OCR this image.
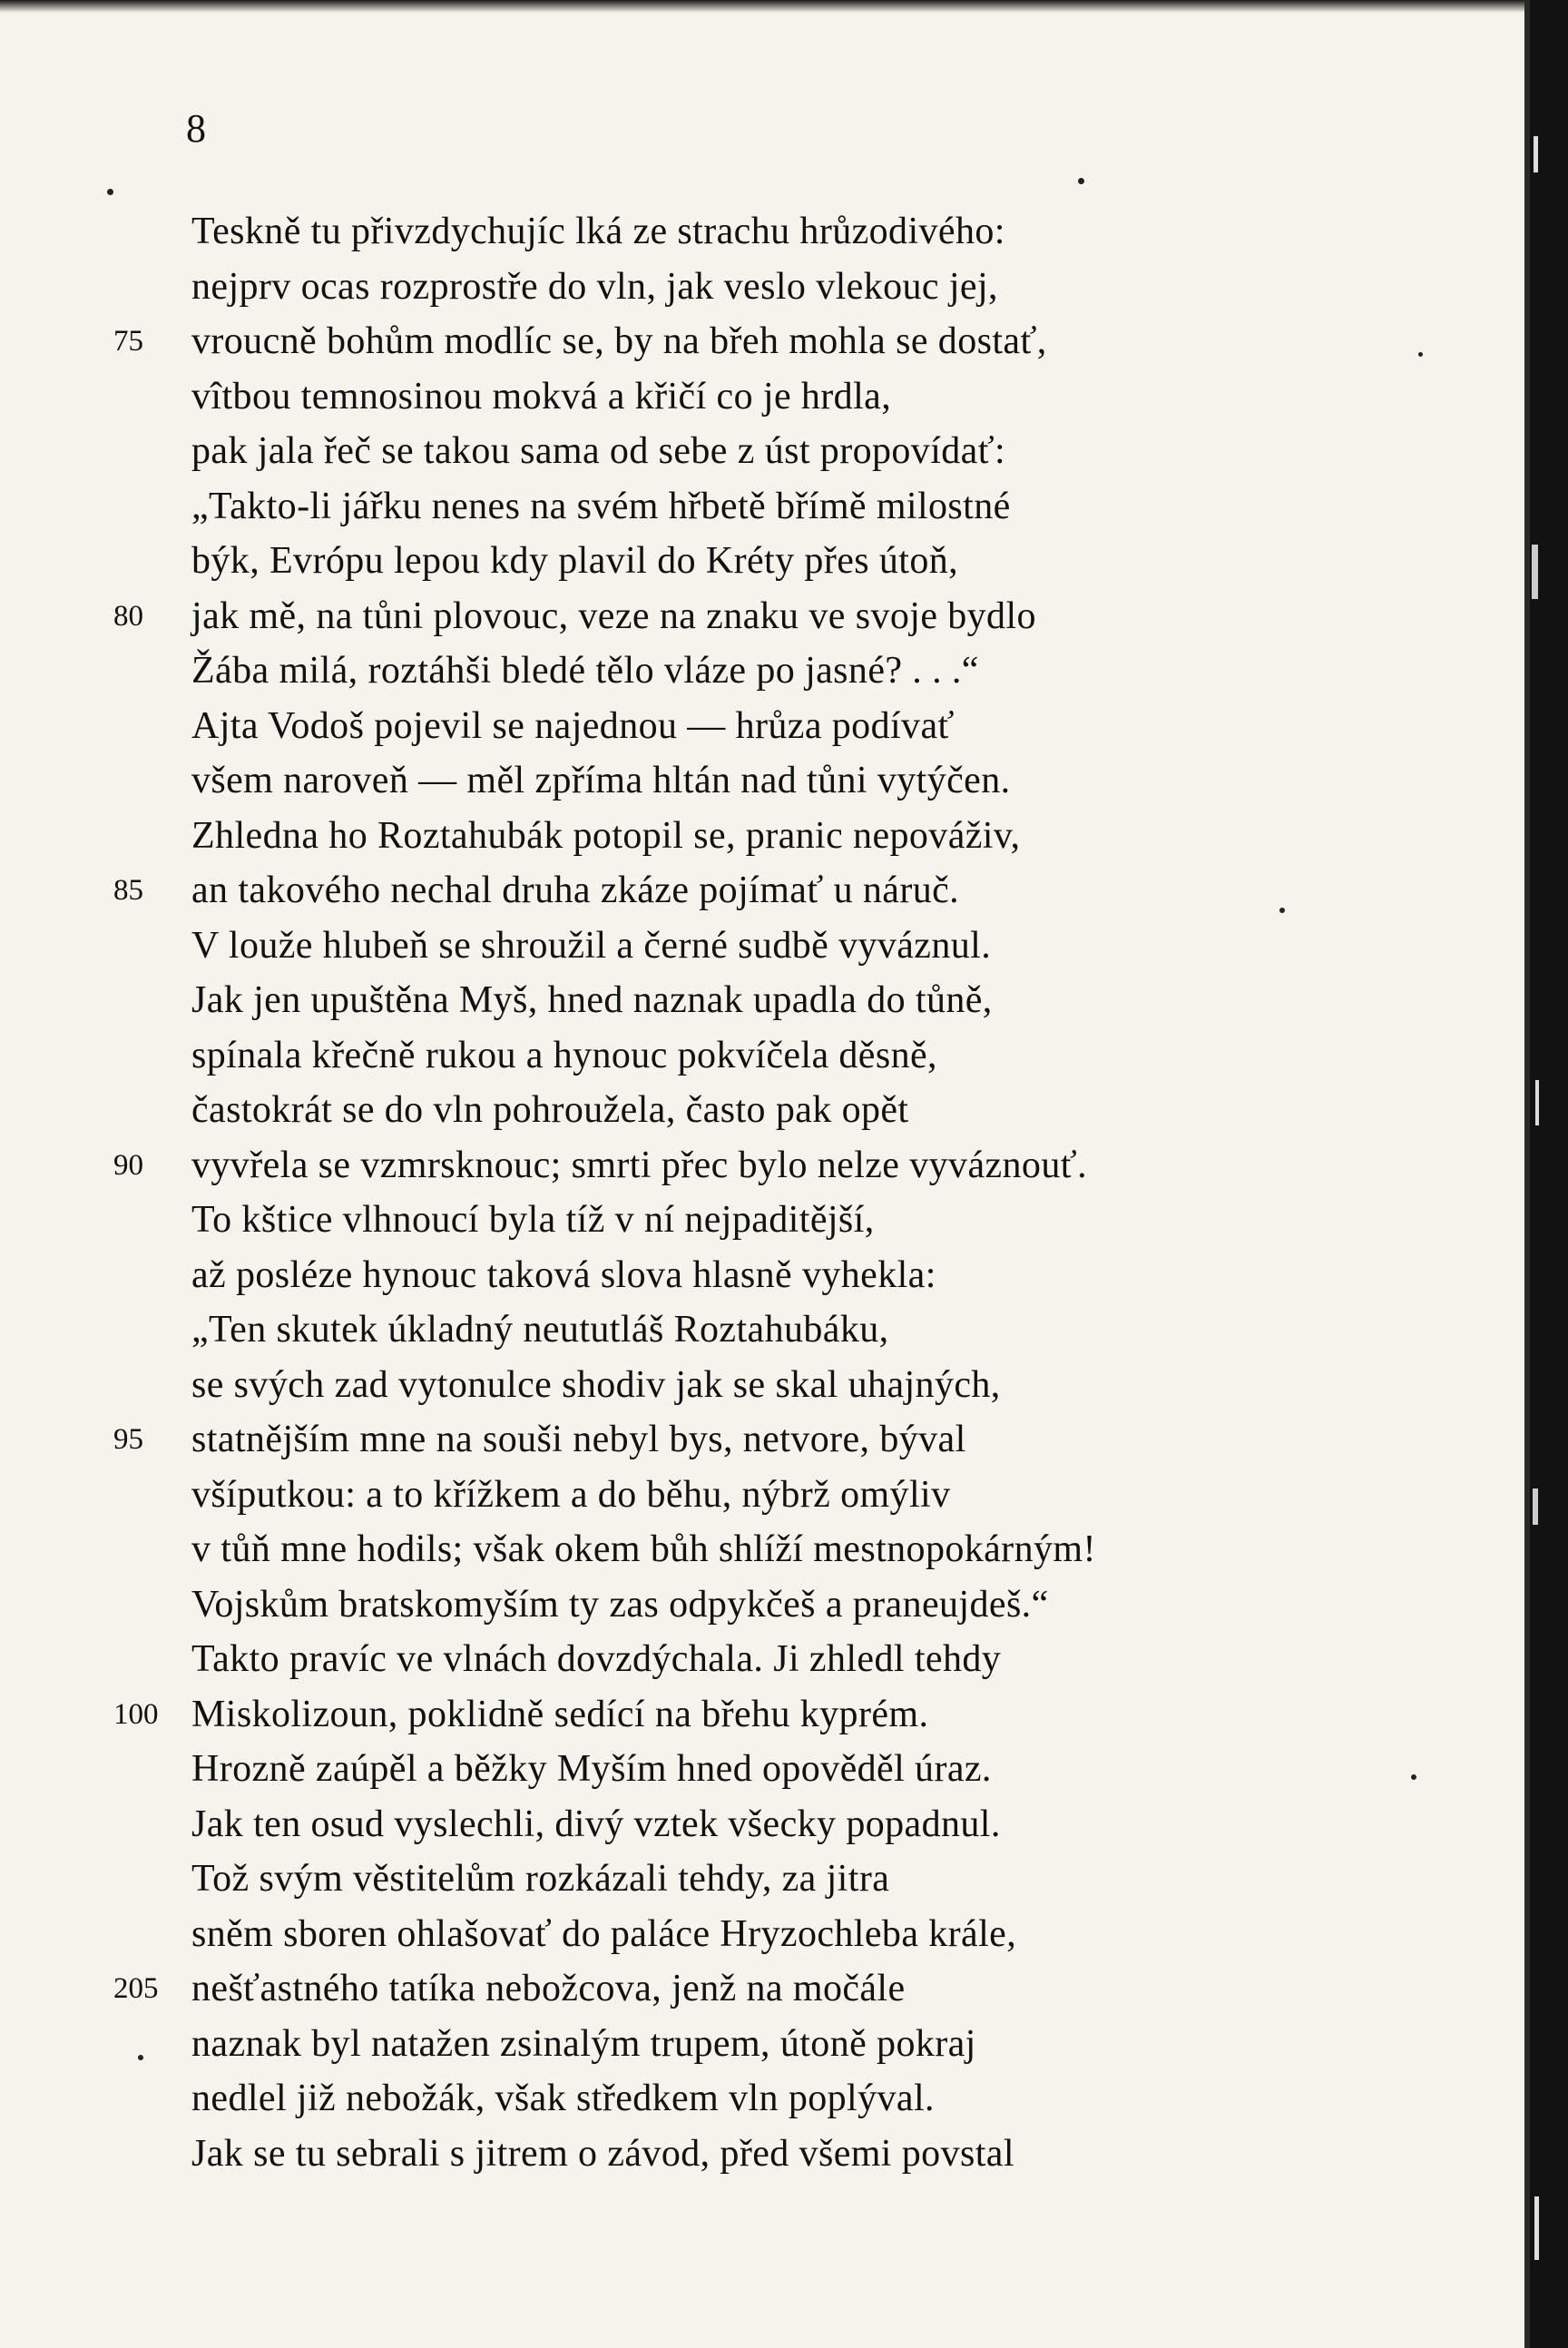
8
Teskně tu přivzdychujíc lká ze strachu hrůzodivého:
nejprv ocas rozprostře do vln, jak veslo vlekouc jej,
75	vroucně bohům modlíc se, by na břeh mohla se dostať,
vîtbou temnosinou mokvá a křičí co je hrdla,
pak jala řeč se takou sama od sebe z úst propovídať:
„Takto-li jářku nenes na svém hřbetě břímě milostné
býk, Evrópu lepou kdy plavil do Kréty přes útoň,
80	jak mě, na tůni plovouc, veze na znaku ve svoje bydlo
Žába milá, roztáhši bledé tělo vláze po jasné? . . .“
Ajta Vodoš pojevil se najednou — hrůza podívať
všem naroveň — měl zpříma hltán nad tůni vytýčen.
Zhledna ho Roztahubák potopil se, pranic nepováživ,
85	an takového nechal druha zkáze pojímať u náruč.
V louže hlubeň se shroužil a černé sudbě vyváznul.
Jak jen upuštěna Myš, hned naznak upadla do tůně,
spínala křečně rukou a hynouc pokvíčela děsně,
častokrát se do vln pohroužela, často pak opět
90	vyvřela se vzmrsknouc; smrti přec bylo nelze vyváznouť.
To kštice vlhnoucí byla tíž v ní nejpaditější,
až posléze hynouc taková slova hlasně vyhekla:
„Ten skutek úkladný neututláš Roztahubáku,
se svých zad vytonulce shodiv jak se skal uhajných,
95	statnějším mne na souši nebyl bys, netvore, býval
všíputkou: a to křížkem a do běhu, nýbrž omýliv
v tůň mne hodils; však okem bůh shlíží mestnopokárným!
Vojskům bratskomyším ty zas odpykčeš a praneujdeš.“
Takto pravíc ve vlnách dovzdýchala. Ji zhledl tehdy
100 Miskolizoun, poklidně sedící na břehu kyprém.
Hrozně zaúpěl a běžky Myším hned opověděl úraz.
Jak ten osud vyslechli, divý vztek všecky popadnul.
Tož svým věstitelům rozkázali tehdy, za jitra
sněm sboren ohlašovať do paláce Hryzochleba krále,
205 nešťastného tatíka nebožcova, jenž na močále
naznak byl natažen zsinalým trupem, útoně pokraj
nedlel již nebožák, však středkem vln poplýval.
Jak se tu sebrali s jitrem o závod, před všemi povstal
